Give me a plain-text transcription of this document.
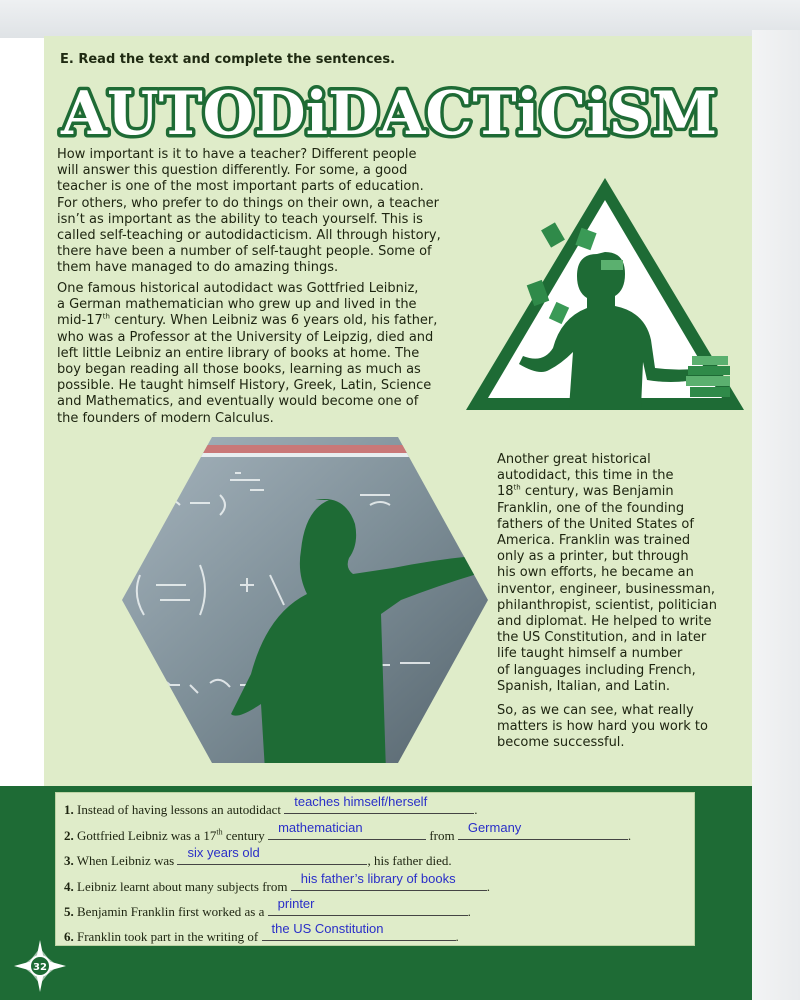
E. Read the text and complete the sentences.
AUTODiDACTiCiSM
How important is it to have a teacher? Different people
will answer this question differently. For some, a good
teacher is one of the most important parts of education.
For others, who prefer to do things on their own, a teacher
isn’t as important as the ability to teach yourself. This is
called self-teaching or autodidacticism. All through history,
there have been a number of self-taught people. Some of
them have managed to do amazing things.
One famous historical autodidact was Gottfried Leibniz,
a German mathematician who grew up and lived in the
mid-17th century. When Leibniz was 6 years old, his father,
who was a Professor at the University of Leipzig, died and
left little Leibniz an entire library of books at home. The
boy began reading all those books, learning as much as
possible. He taught himself History, Greek, Latin, Science
and Mathematics, and eventually would become one of
the founders of modern Calculus.
Another great historical
autodidact, this time in the
18th century, was Benjamin
Franklin, one of the founding
fathers of the United States of
America. Franklin was trained
only as a printer, but through
his own efforts, he became an
inventor, engineer, businessman,
philanthropist, scientist, politician
and diplomat. He helped to write
the US Constitution, and in later
life taught himself a number
of languages including French,
Spanish, Italian, and Latin.
So, as we can see, what really
matters is how hard you work to
become successful.
1. Instead of having lessons an autodidact
teaches himself/herself
.
2. Gottfried Leibniz was a 17th century
mathematician
from
Germany
.
3. When Leibniz was
six years old
, his father died.
4. Leibniz learnt about many subjects from
his father’s library of books
.
5. Benjamin Franklin first worked as a
printer
.
6. Franklin took part in the writing of
the US Constitution
.
32
